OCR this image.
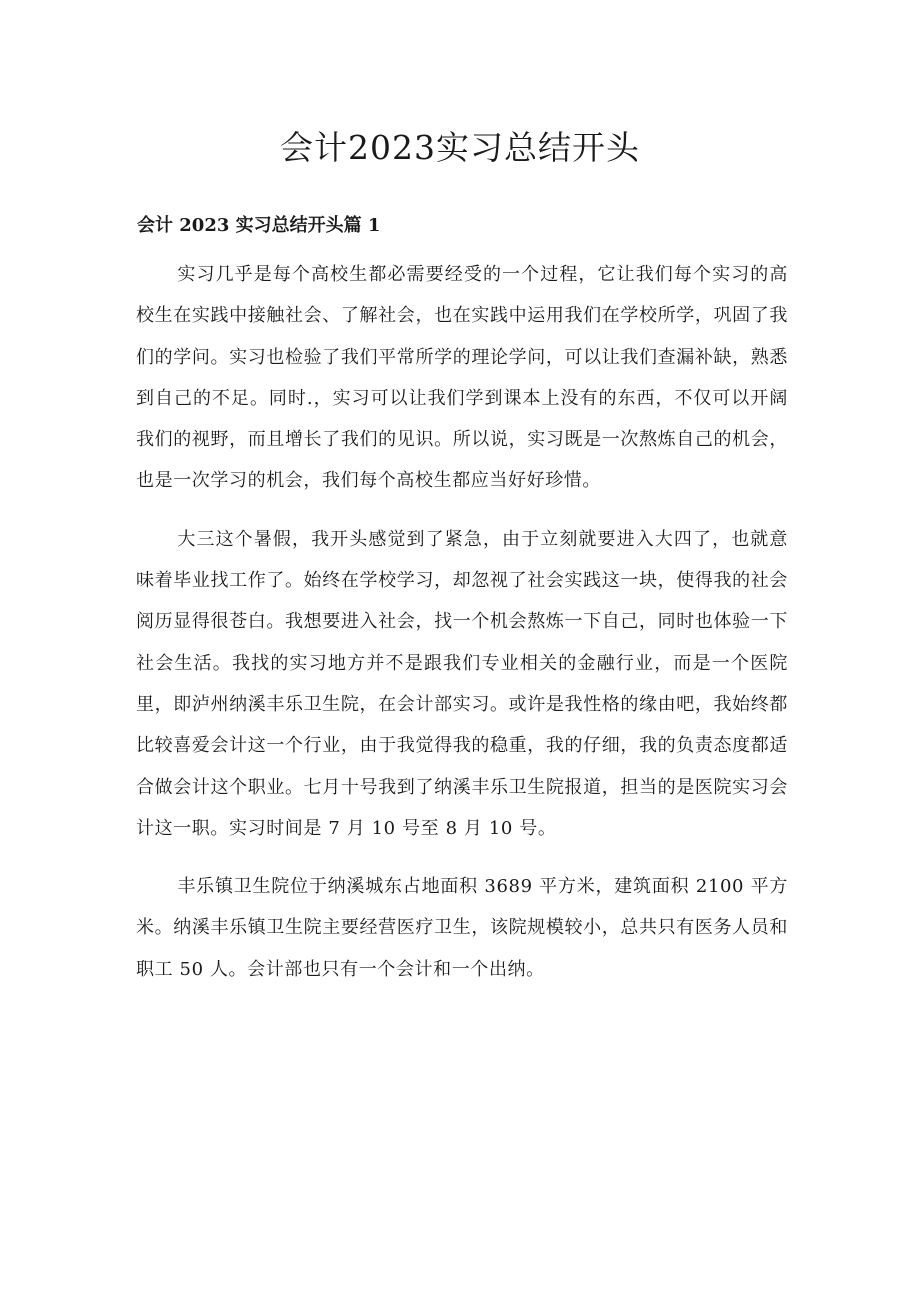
会计2023实习总结开头
会计 2023 实习总结开头篇 1

实习几乎是每个高校生都必需要经受的一个过程，它让我们每个实习的高校生在实践中接触社会、了解社会，也在实践中运用我们在学校所学，巩固了我们的学问。实习也检验了我们平常所学的理论学问，可以让我们查漏补缺，熟悉到自己的不足。同时.，实习可以让我们学到课本上没有的东西，不仅可以开阔我们的视野，而且增长了我们的见识。所以说，实习既是一次熬炼自己的机会，也是一次学习的机会，我们每个高校生都应当好好珍惜。

大三这个暑假，我开头感觉到了紧急，由于立刻就要进入大四了，也就意味着毕业找工作了。始终在学校学习，却忽视了社会实践这一块，使得我的社会阅历显得很苍白。我想要进入社会，找一个机会熬炼一下自己，同时也体验一下社会生活。我找的实习地方并不是跟我们专业相关的金融行业，而是一个医院里，即泸州纳溪丰乐卫生院，在会计部实习。或许是我性格的缘由吧，我始终都比较喜爱会计这一个行业，由于我觉得我的稳重，我的仔细，我的负责态度都适合做会计这个职业。七月十号我到了纳溪丰乐卫生院报道，担当的是医院实习会计这一职。实习时间是 7 月 10 号至 8 月 10 号。

丰乐镇卫生院位于纳溪城东占地面积 3689 平方米，建筑面积 2100 平方米。纳溪丰乐镇卫生院主要经营医疗卫生，该院规模较小，总共只有医务人员和职工 50 人。会计部也只有一个会计和一个出纳。
